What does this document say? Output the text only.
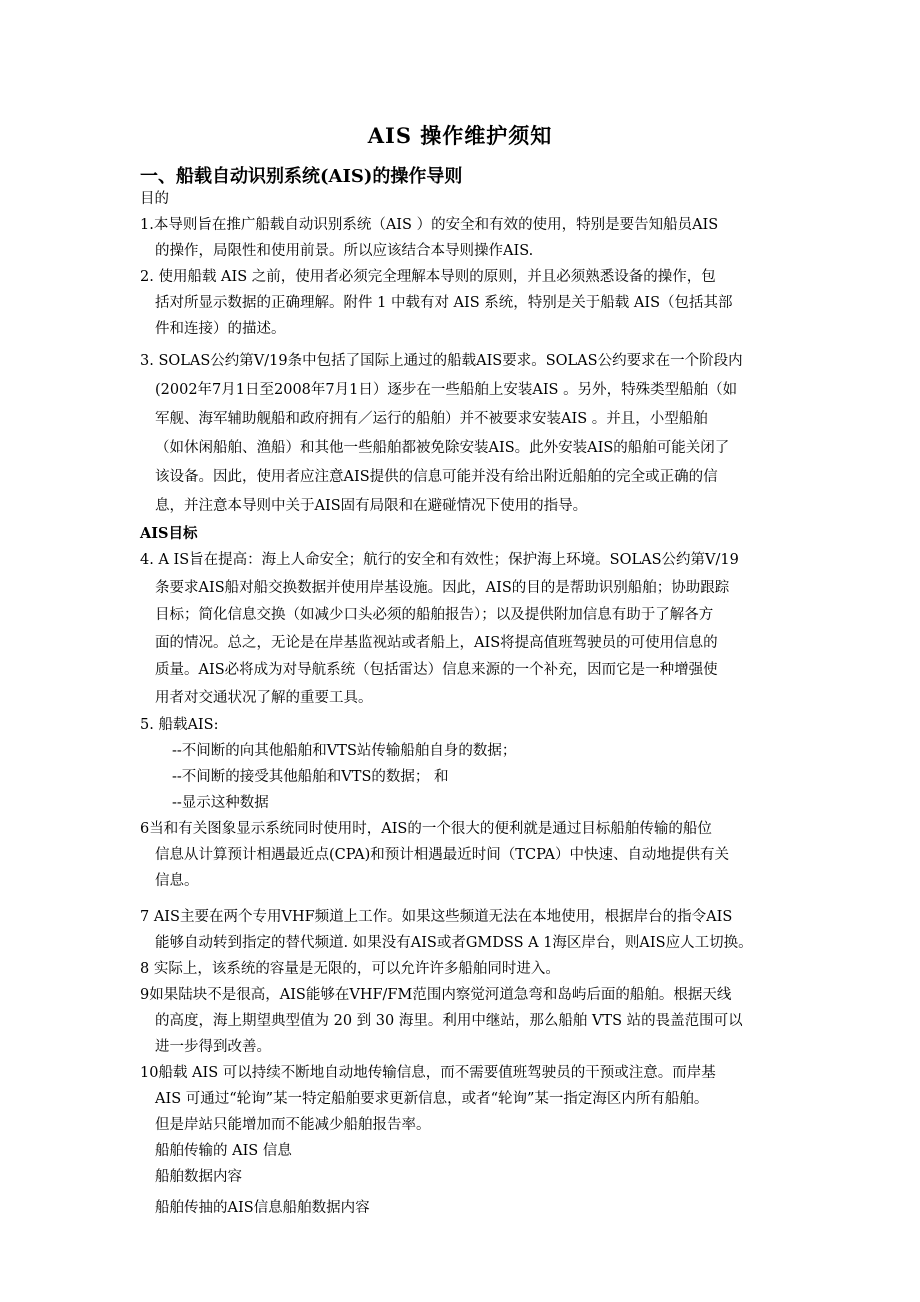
AIS 操作维护须知
一、船载自动识别系统(AIS)的操作导则
目的
1.本导则旨在推广船载自动识别系统（AIS ）的安全和有效的使用，特别是要告知船员AIS
的操作，局限性和使用前景。所以应该结合本导则操作AIS.
2. 使用船载 AIS 之前，使用者必须完全理解本导则的原则，并且必须熟悉设备的操作，包
括对所显示数据的正确理解。附件 1 中载有对 AIS 系统，特别是关于船载 AIS（包括其部
件和连接）的描述。
3. SOLAS公约第V/19条中包括了国际上通过的船载AIS要求。SOLAS公约要求在一个阶段内
(2002年7月1日至2008年7月1日）逐步在一些船舶上安装AIS 。另外，特殊类型船舶（如
军舰、海军辅助舰船和政府拥有／运行的船舶）并不被要求安装AIS 。并且，小型船舶
（如休闲船舶、渔船）和其他一些船舶都被免除安装AIS。此外安装AIS的船舶可能关闭了
该设备。因此，使用者应注意AIS提供的信息可能并没有给出附近船舶的完全或正确的信
息，并注意本导则中关于AIS固有局限和在避碰情况下使用的指导。
AIS目标
4. A IS旨在提高：海上人命安全；航行的安全和有效性；保护海上环境。SOLAS公约第V/19
条要求AIS船对船交换数据并使用岸基设施。因此，AIS的目的是帮助识别船舶；协助跟踪
目标；简化信息交换（如减少口头必须的船舶报告）；以及提供附加信息有助于了解各方
面的情况。总之，无论是在岸基监视站或者船上，AIS将提高值班驾驶员的可使用信息的
质量。AIS必将成为对导航系统（包括雷达）信息来源的一个补充，因而它是一种增强使
用者对交通状况了解的重要工具。
5. 船载AIS:
--不间断的向其他船舶和VTS站传输船舶自身的数据；
--不间断的接受其他船舶和VTS的数据； 和
--显示这种数据
6当和有关图象显示系统同时使用时，AIS的一个很大的便利就是通过目标船舶传输的船位
信息从计算预计相遇最近点(CPA)和预计相遇最近时间（TCPA）中快速、自动地提供有关
信息。
7 AIS主要在两个专用VHF频道上工作。如果这些频道无法在本地使用，根据岸台的指令AIS
能够自动转到指定的替代频道. 如果没有AIS或者GMDSS A 1海区岸台，则AIS应人工切换。
8 实际上，该系统的容量是无限的，可以允许许多船舶同时进入。
9如果陆块不是很高，AIS能够在VHF/FM范围内察觉河道急弯和岛屿后面的船舶。根据天线
的高度，海上期望典型值为 20 到 30 海里。利用中继站，那么船舶 VTS 站的畏盖范围可以
进一步得到改善。
10船载 AIS 可以持续不断地自动地传输信息，而不需要值班驾驶员的干预或注意。而岸基
AIS 可通过“轮询”某一特定船舶要求更新信息，或者“轮询”某一指定海区内所有船舶。
但是岸站只能增加而不能减少船舶报告率。
船舶传输的 AIS 信息
船舶数据内容
船舶传抽的AIS信息船舶数据内容
